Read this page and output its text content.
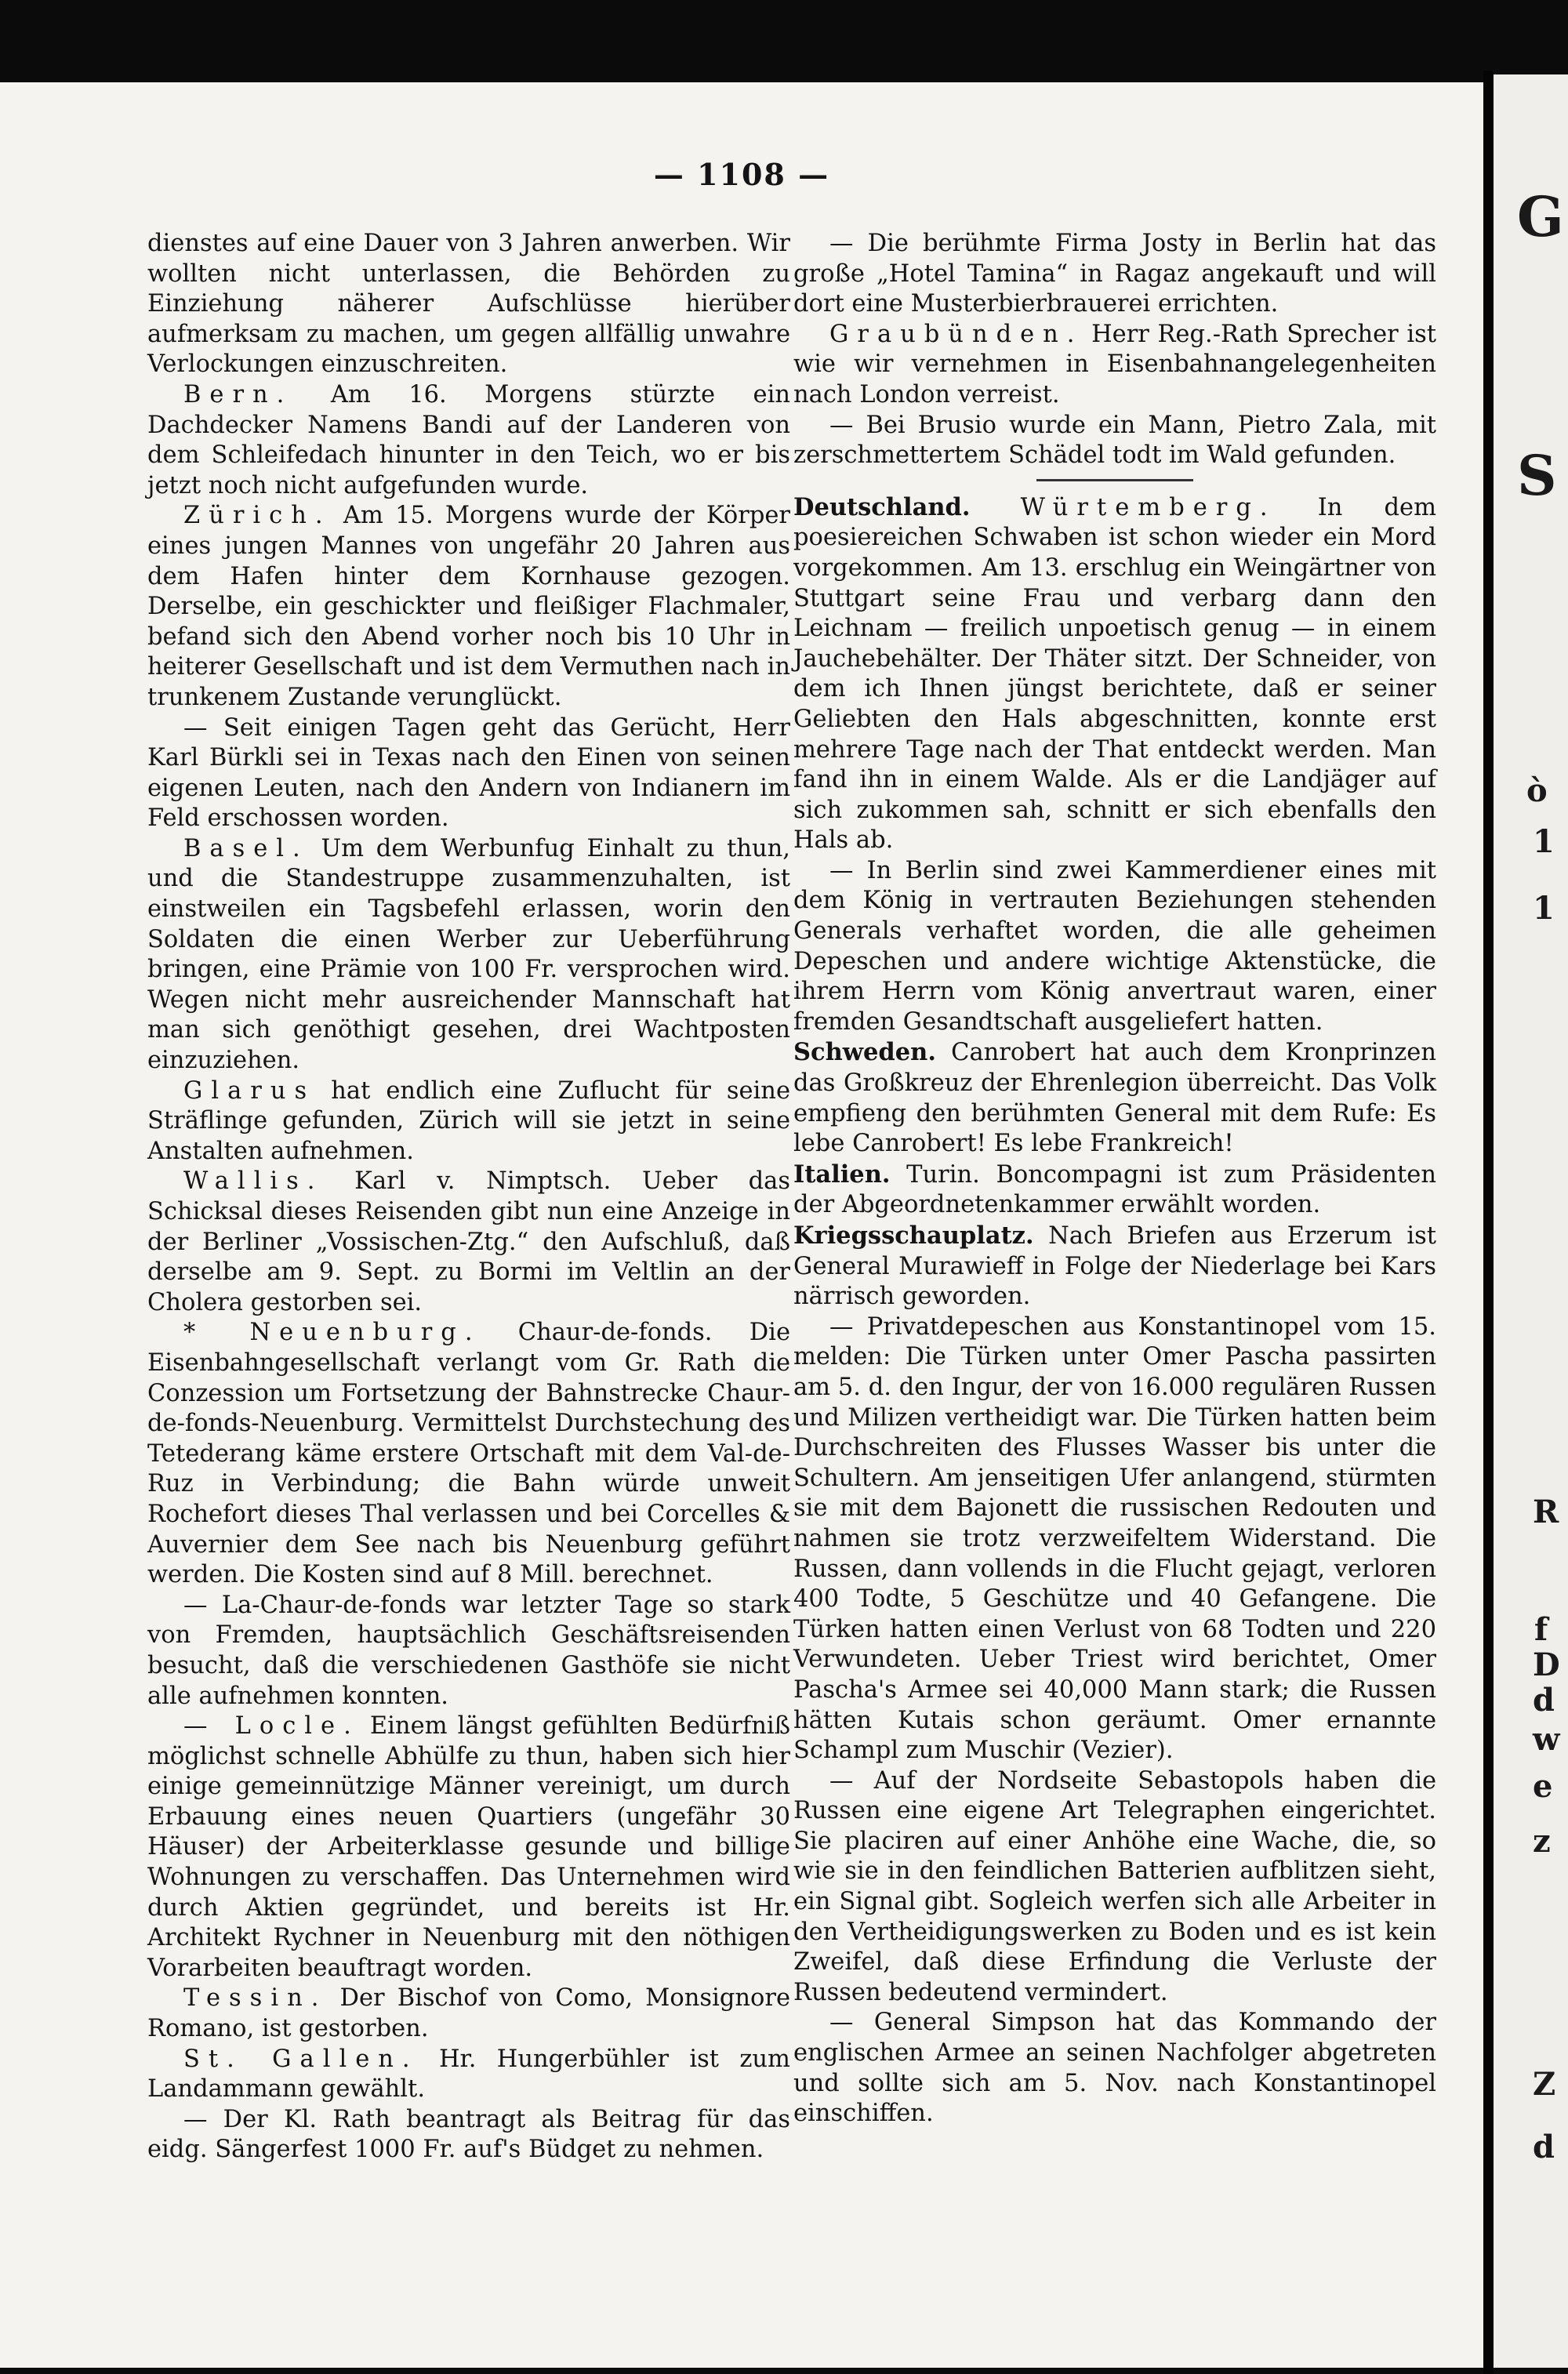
G
S
ò
1
1
R
f
D
d
w
e
z
Z
d
— 1108 —

dienstes auf eine Dauer von 3 Jahren anwerben. Wir wollten nicht unterlassen, die Behörden zu Einziehung näherer Aufschlüsse hierüber aufmerksam zu machen, um gegen allfällig unwahre Verlockungen einzuschreiten.

Bern. Am 16. Morgens stürzte ein Dachdecker Namens Bandi auf der Landeren von dem Schleifedach hinunter in den Teich, wo er bis jetzt noch nicht aufgefunden wurde.

Zürich. Am 15. Morgens wurde der Körper eines jungen Mannes von ungefähr 20 Jahren aus dem Hafen hinter dem Kornhause gezogen. Derselbe, ein geschickter und fleißiger Flachmaler, befand sich den Abend vorher noch bis 10 Uhr in heiterer Gesellschaft und ist dem Vermuthen nach in trunkenem Zustande verunglückt.

— Seit einigen Tagen geht das Gerücht, Herr Karl Bürkli sei in Texas nach den Einen von seinen eigenen Leuten, nach den Andern von Indianern im Feld erschossen worden.

Basel. Um dem Werbunfug Einhalt zu thun, und die Standestruppe zusammenzuhalten, ist einstweilen ein Tagsbefehl erlassen, worin den Soldaten die einen Werber zur Ueberführung bringen, eine Prämie von 100 Fr. versprochen wird. Wegen nicht mehr ausreichender Mannschaft hat man sich genöthigt gesehen, drei Wachtposten einzuziehen.

Glarus hat endlich eine Zuflucht für seine Sträflinge gefunden, Zürich will sie jetzt in seine Anstalten aufnehmen.

Wallis. Karl v. Nimptsch. Ueber das Schicksal dieses Reisenden gibt nun eine Anzeige in der Berliner „Vossischen-Ztg.“ den Aufschluß, daß derselbe am 9. Sept. zu Bormi im Veltlin an der Cholera gestorben sei.

* Neuenburg. Chaur-de-fonds. Die Eisenbahngesellschaft verlangt vom Gr. Rath die Conzession um Fortsetzung der Bahnstrecke Chaur-de-fonds-Neuenburg. Vermittelst Durchstechung des Tetederang käme erstere Ortschaft mit dem Val-de-Ruz in Verbindung; die Bahn würde unweit Rochefort dieses Thal verlassen und bei Corcelles & Auvernier dem See nach bis Neuenburg geführt werden. Die Kosten sind auf 8 Mill. berechnet.

— La-Chaur-de-fonds war letzter Tage so stark von Fremden, hauptsächlich Geschäftsreisenden besucht, daß die verschiedenen Gasthöfe sie nicht alle aufnehmen konnten.

— Locle. Einem längst gefühlten Bedürfniß möglichst schnelle Abhülfe zu thun, haben sich hier einige gemeinnützige Männer vereinigt, um durch Erbauung eines neuen Quartiers (ungefähr 30 Häuser) der Arbeiterklasse gesunde und billige Wohnungen zu verschaffen. Das Unternehmen wird durch Aktien gegründet, und bereits ist Hr. Architekt Rychner in Neuenburg mit den nöthigen Vorarbeiten beauftragt worden.

Tessin. Der Bischof von Como, Monsignore Romano, ist gestorben.

St. Gallen. Hr. Hungerbühler ist zum Landammann gewählt.

— Der Kl. Rath beantragt als Beitrag für das eidg. Sängerfest 1000 Fr. auf's Büdget zu nehmen.

— Die berühmte Firma Josty in Berlin hat das große „Hotel Tamina“ in Ragaz angekauft und will dort eine Musterbierbrauerei errichten.

Graubünden. Herr Reg.-Rath Sprecher ist wie wir vernehmen in Eisenbahnangelegenheiten nach London verreist.

— Bei Brusio wurde ein Mann, Pietro Zala, mit zerschmettertem Schädel todt im Wald gefunden.

Deutschland. Würtemberg. In dem poesiereichen Schwaben ist schon wieder ein Mord vorgekommen. Am 13. erschlug ein Weingärtner von Stuttgart seine Frau und verbarg dann den Leichnam — freilich unpoetisch genug — in einem Jauchebehälter. Der Thäter sitzt. Der Schneider, von dem ich Ihnen jüngst berichtete, daß er seiner Geliebten den Hals abgeschnitten, konnte erst mehrere Tage nach der That entdeckt werden. Man fand ihn in einem Walde. Als er die Landjäger auf sich zukommen sah, schnitt er sich ebenfalls den Hals ab.

— In Berlin sind zwei Kammerdiener eines mit dem König in vertrauten Beziehungen stehenden Generals verhaftet worden, die alle geheimen Depeschen und andere wichtige Aktenstücke, die ihrem Herrn vom König anvertraut waren, einer fremden Gesandtschaft ausgeliefert hatten.

Schweden. Canrobert hat auch dem Kronprinzen das Großkreuz der Ehrenlegion überreicht. Das Volk empfieng den berühmten General mit dem Rufe: Es lebe Canrobert! Es lebe Frankreich!

Italien. Turin. Boncompagni ist zum Präsidenten der Abgeordnetenkammer erwählt worden.

Kriegsschauplatz. Nach Briefen aus Erzerum ist General Murawieff in Folge der Niederlage bei Kars närrisch geworden.

— Privatdepeschen aus Konstantinopel vom 15. melden: Die Türken unter Omer Pascha passirten am 5. d. den Ingur, der von 16.000 regulären Russen und Milizen vertheidigt war. Die Türken hatten beim Durchschreiten des Flusses Wasser bis unter die Schultern. Am jenseitigen Ufer anlangend, stürmten sie mit dem Bajonett die russischen Redouten und nahmen sie trotz verzweifeltem Widerstand. Die Russen, dann vollends in die Flucht gejagt, verloren 400 Todte, 5 Geschütze und 40 Gefangene. Die Türken hatten einen Verlust von 68 Todten und 220 Verwundeten. Ueber Triest wird berichtet, Omer Pascha's Armee sei 40,000 Mann stark; die Russen hätten Kutais schon geräumt. Omer ernannte Schampl zum Muschir (Vezier).

— Auf der Nordseite Sebastopols haben die Russen eine eigene Art Telegraphen eingerichtet. Sie placiren auf einer Anhöhe eine Wache, die, so wie sie in den feindlichen Batterien aufblitzen sieht, ein Signal gibt. Sogleich werfen sich alle Arbeiter in den Vertheidigungswerken zu Boden und es ist kein Zweifel, daß diese Erfindung die Verluste der Russen bedeutend vermindert.

— General Simpson hat das Kommando der englischen Armee an seinen Nachfolger abgetreten und sollte sich am 5. Nov. nach Konstantinopel einschiffen.
